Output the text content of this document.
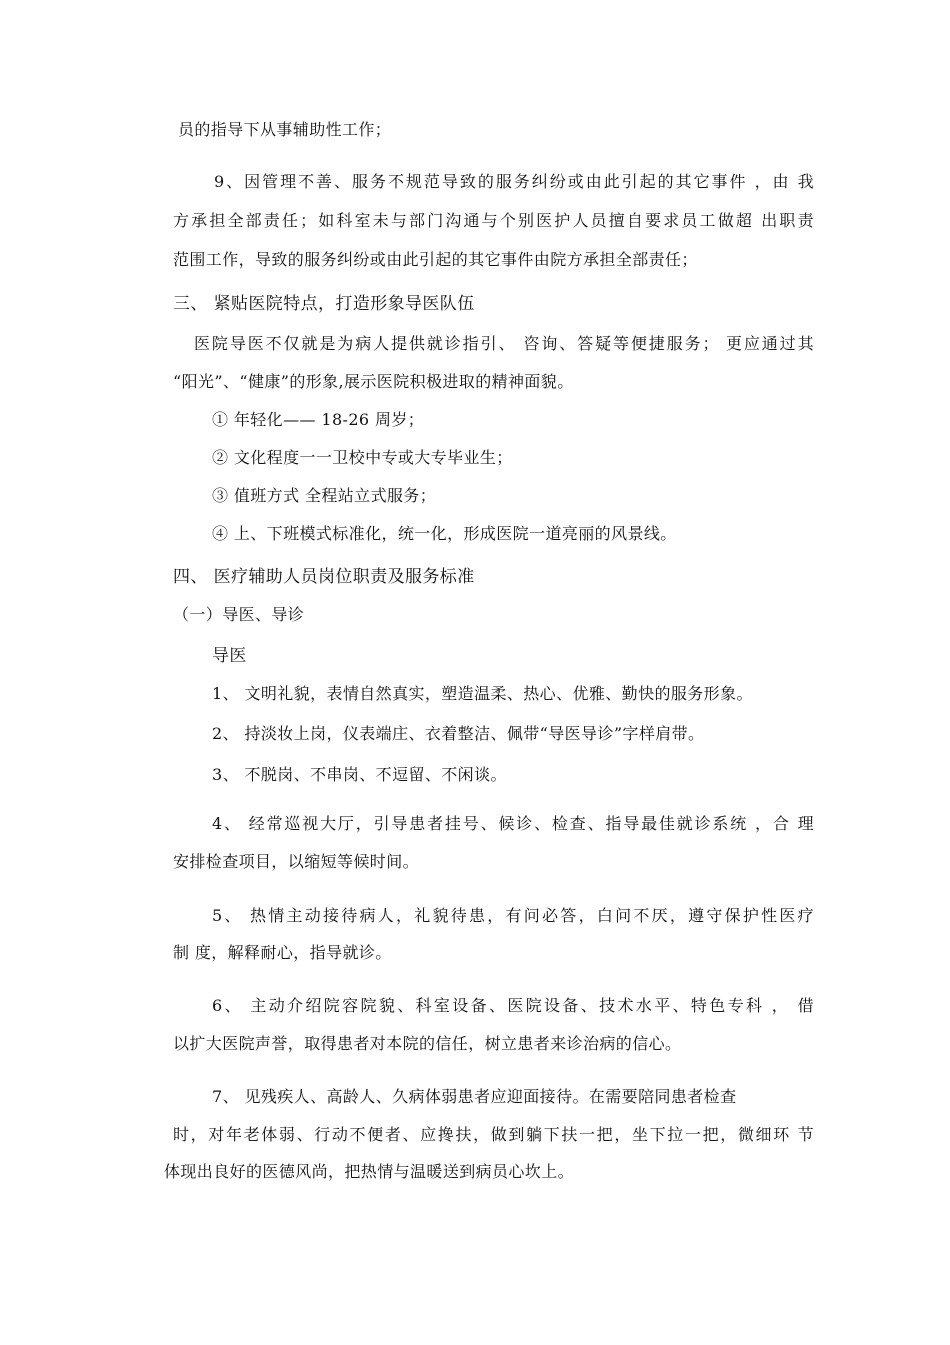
员的指导下从事辅助性工作；
9、因管理不善、服务不规范导致的服务纠纷或由此引起的其它事件 ，由 我
方承担全部责任；如科室未与部门沟通与个别医护人员擅自要求员工做超 出职责
范围工作，导致的服务纠纷或由此引起的其它事件由院方承担全部责任；
三、 紧贴医院特点，打造形象导医队伍
医院导医不仅就是为病人提供就诊指引、 咨询、答疑等便捷服务； 更应通过其
“阳光”、“健康”的形象,展示医院积极进取的精神面貌。
① 年轻化—— 18-26 周岁；
② 文化程度一一卫校中专或大专毕业生；
③ 值班方式 全程站立式服务；
④ 上、下班模式标准化，统一化，形成医院一道亮丽的风景线。
四、 医疗辅助人员岗位职责及服务标准
（一）导医、导诊
导医
1、 文明礼貌，表情自然真实，塑造温柔、热心、优雅、勤快的服务形象。
2、 持淡妆上岗，仪表端庄、衣着整洁、佩带“导医导诊”字样肩带。
3、 不脱岗、不串岗、不逗留、不闲谈。
4、 经常巡视大厅，引导患者挂号、候诊、检查、指导最佳就诊系统 ，合 理
安排检查项目，以缩短等候时间。
5、 热情主动接待病人，礼貌待患，有问必答，白问不厌，遵守保护性医疗
制 度，解释耐心，指导就诊。
6、 主动介绍院容院貌、科室设备、医院设备、技术水平、特色专科 ， 借
以扩大医院声誉，取得患者对本院的信任，树立患者来诊治病的信心。
7、 见残疾人、高龄人、久病体弱患者应迎面接待。在需要陪同患者检查
时，对年老体弱、行动不便者、应搀扶，做到躺下扶一把，坐下拉一把，微细环 节
体现出良好的医德风尚，把热情与温暖送到病员心坎上。
